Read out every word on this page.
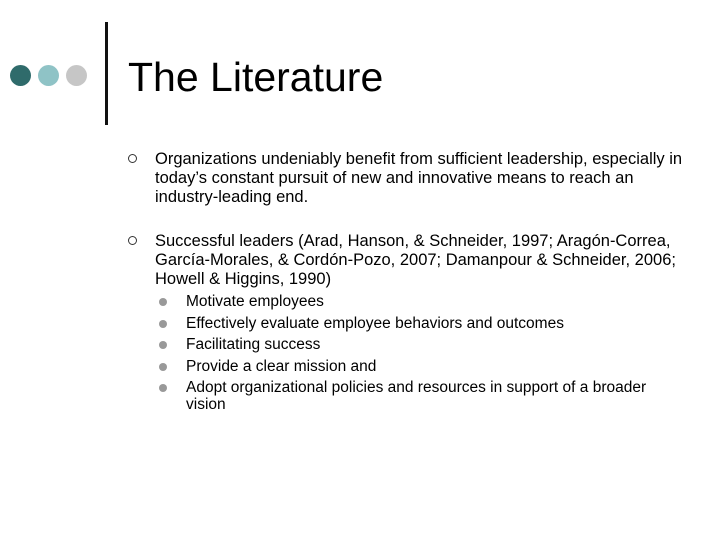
The Literature
Organizations undeniably benefit from sufficient leadership, especially in today’s constant pursuit of new and innovative means to reach an industry-leading end.
Successful leaders (Arad, Hanson, & Schneider, 1997; Aragón-Correa, García-Morales, & Cordón-Pozo, 2007; Damanpour & Schneider, 2006; Howell & Higgins, 1990)
Motivate employees
Effectively evaluate employee behaviors and outcomes
Facilitating success
Provide a clear mission and
Adopt organizational policies and resources in support of a broader vision
